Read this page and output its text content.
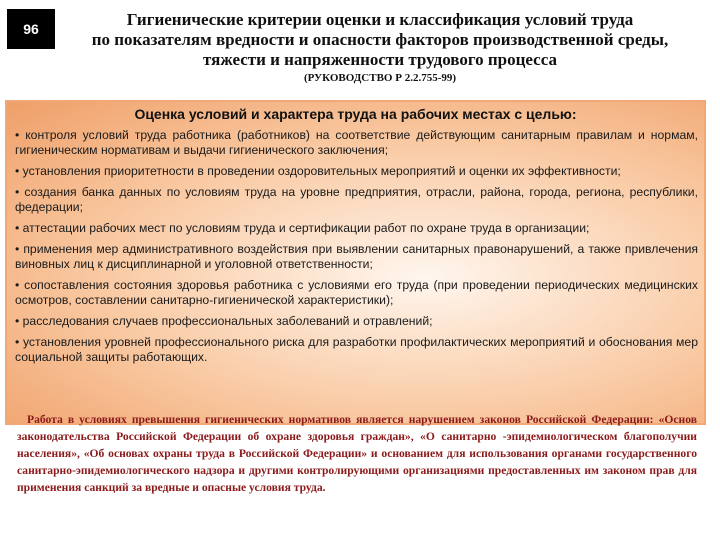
96	Гигиенические критерии оценки и классификация условий труда
по показателям вредности и опасности факторов производственной среды,
тяжести и напряженности трудового процесса
(РУКОВОДСТВО Р 2.2.755-99)
Оценка условий и характера труда на рабочих местах с целью:
• контроля условий труда работника (работников) на соответствие действующим санитарным правилам и нормам, гигиеническим нормативам и выдачи гигиенического заключения;
• установления приоритетности в проведении оздоровительных мероприятий и оценки их эффективности;
• создания банка данных по условиям труда на уровне предприятия, отрасли, района, города, региона, республики, федерации;
• аттестации рабочих мест по условиям труда и сертификации работ по охране труда в организации;
• применения мер административного воздействия при выявлении санитарных правонарушений, а также привлечения виновных лиц к дисциплинарной и уголовной ответственности;
• сопоставления состояния здоровья работника с условиями его труда (при проведении периодических медицинских осмотров, составлении санитарно-гигиенической характеристики);
• расследования случаев профессиональных заболеваний и отравлений;
• установления уровней профессионального риска для разработки профилактических мероприятий и обоснования мер социальной защиты работающих.
Работа в условиях превышения гигиенических нормативов является нарушением законов Российской Федерации: «Основ законодательства Российской Федерации об охране здоровья граждан», «О санитарно -эпидемиологическом благополучии населения», «Об основах охраны труда в Российской Федерации» и основанием для использования органами государственного санитарно-эпидемиологического надзора и другими контролирующими организациями предоставленных им законом прав для применения санкций за вредные и опасные условия труда.
